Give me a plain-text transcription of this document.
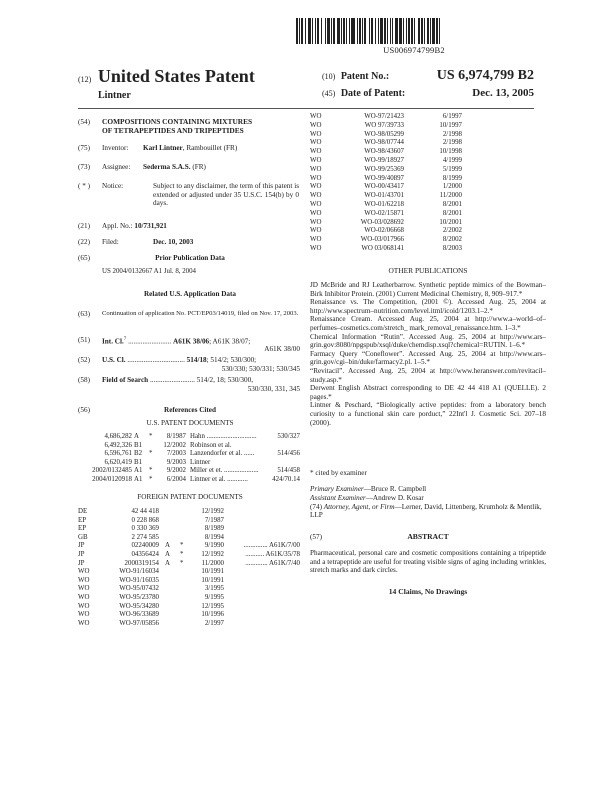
US006974799B2
(12) United States Patent
Lintner
(10) Patent No.:	US 6,974,799 B2
(45) Date of Patent:	Dec. 13, 2005
(54) COMPOSITIONS CONTAINING MIXTURES
OF TETRAPEPTIDES AND TRIPEPTIDES
(75) Inventor: Karl Lintner, Rambouillet (FR)
(73) Assignee: Sederma S.A.S. (FR)
( * ) Notice:	Subject to any disclaimer, the term of this patent is extended or adjusted under 35 U.S.C. 154(b) by 0 days.
(21) Appl. No.: 10/731,921
(22) Filed:	Dec. 10, 2003
(65)	Prior Publication Data
US 2004/0132667 A1 Jul. 8, 2004
Related U.S. Application Data
(63) Continuation of application No. PCT/EP03/14019, filed on Nov. 17, 2003.
(51) Int. Cl.$^7$ ........................ A61K 38/06; A61K 38/07;
A61K 38/00
(52) U.S. Cl. ................................ 514/18; 514/2; 530/300;
530/330; 530/331; 530/345
(58) Field of Search ......................... 514/2, 18; 530/300,
530/330, 331, 345
(56)	References Cited
U.S. PATENT DOCUMENTS
4,686,282 A * 8/1987 Hahn .............................	530/327
6,492,326 B1	12/2002 Robinson et al.
6,596,761 B2 * 7/2003 Lanzendorfer et al. ......	514/456
6,620,419 B1	9/2003 Lintner
2002/0132485 A1 * 9/2002 Miller et et. ....................	514/458
2004/0120918 A1 * 6/2004 Lintner et al. ............	424/70.14
FOREIGN PATENT DOCUMENTS
DE	42 44 418	12/1992
EP	0 228 868	7/1987
EP	0 330 369	8/1989
GB	2 274 585	8/1994
JP	02240009 A *	9/1990	.............. A61K/7/00
JP	04356424 A *	12/1992	........... A61K/35/78
JP	2000319154 A *	11/2000	............. A61K/7/40
WO	WO-91/16034	10/1991
WO	WO-91/16035	10/1991
WO	WO-95/07432	3/1995
WO	WO-95/23780	9/1995
WO	WO-95/34280	12/1995
WO	WO-96/33689	10/1996
WO	WO-97/05856	2/1997
WO	WO-97/21423	6/1997
WO	WO 97/39733	10/1997
WO	WO-98/05299	2/1998
WO	WO-98/07744	2/1998
WO	WO-98/43607	10/1998
WO	WO-99/18927	4/1999
WO	WO-99/25369	5/1999
WO	WO-99/40897	8/1999
WO	WO-00/43417	1/2000
WO	WO-01/43701	11/2000
WO	WO-01/62218	8/2001
WO	WO-02/15871	8/2001
WO	WO-03/028692	10/2001
WO	WO-02/06668	2/2002
WO	WO-03/017966	8/2002
WO	WO 03/068141	8/2003
OTHER PUBLICATIONS
JD McBride and RJ Leatherbarrow. Synthetic peptide mimics of the Bowman–Birk Inhibitor Protein. (2001) Current Medicinal Chemistry, 8, 909–917.*
Renaissance vs. The Competition, (2001 ©). Accessed Aug. 25, 2004 at http://www.spectrum–nutrition.com/level.itml/icoid/1203.1–2.*
Renaissance Cream. Accessed Aug. 25, 2004 at http://www.a–world–of–perfumes–cosmetics.com/stretch_ mark_removal_renaissance.htm. 1–3.*
Chemical Information “Rutin”. Accessed Aug. 25, 2004 at http://www.ars–grin.gov:8080/npgspub/xsql/duke/chemdisp.xsql?chemical=RUTIN. 1–6.*
Farmacy Query “Coneflower”. Accessed Aug. 25, 2004 at http://www.ars–grin.gov/cgi–bin/duke/farmacy2.pl. 1–5.*
“Revitacil”. Accessed Aug. 25, 2004 at http://www.heranswer.com/revitacil–study.asp.*
Derwent English Abstract corresponding to DE 42 44 418 A1 (QUELLE). 2 pages.*
Lintner & Peschard, “Biologically active peptides: from a laboratory bench curiosity to a functional skin care porduct,” 22Int'l J. Cosmetic Sci. 207–18 (2000).
* cited by examiner
Primary Examiner—Bruce R. Campbell
Assistant Examiner—Andrew D. Kosar
(74) Attorney, Agent, or Firm—Lerner, David, Littenberg, Krumholz & Mentlik, LLP
(57)	ABSTRACT
Pharmaceutical, personal care and cosmetic compositions containing a tripeptide and a tetrapeptide are useful for treating visible signs of aging including wrinkles, stretch marks and dark circles.
14 Claims, No Drawings
